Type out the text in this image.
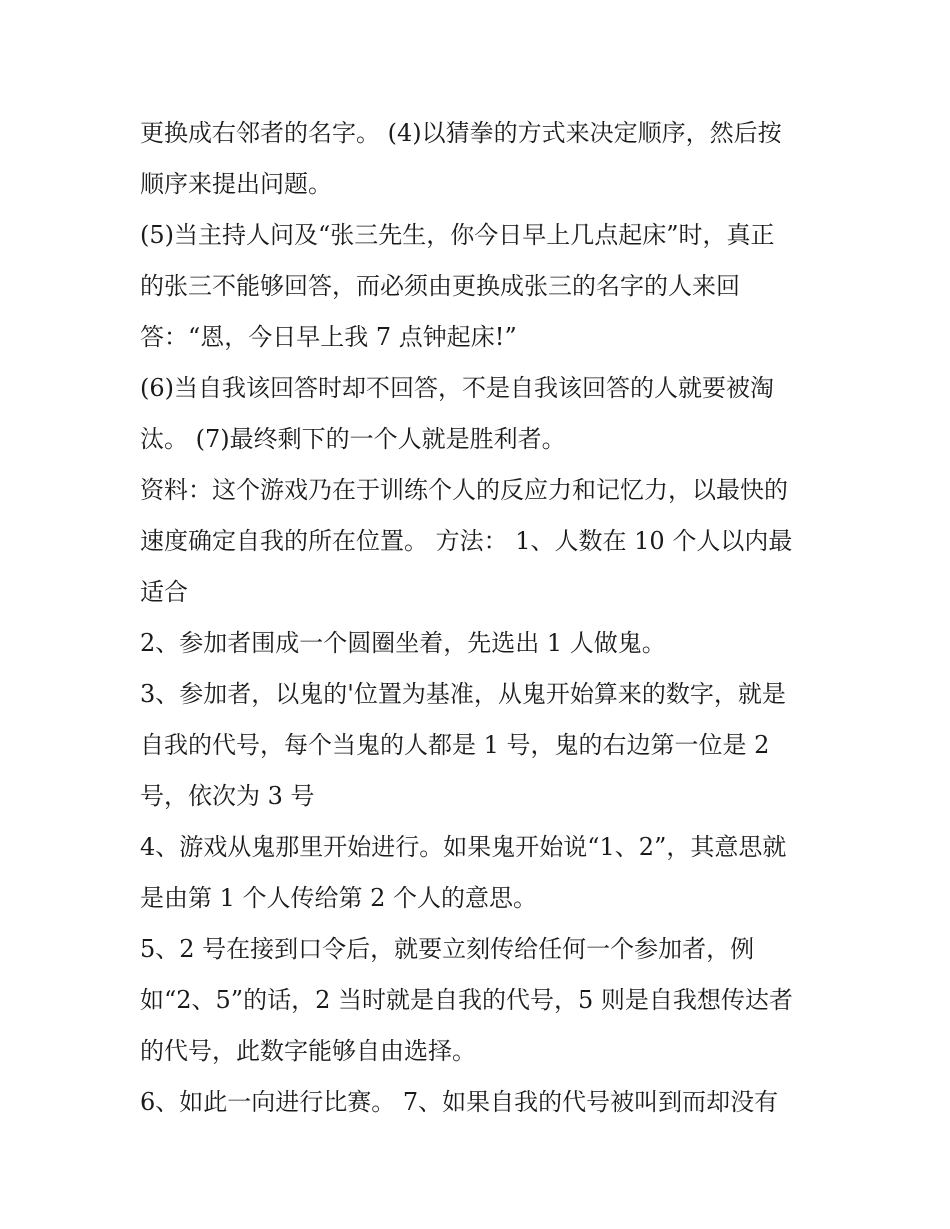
更换成右邻者的名字。 (4)以猜拳的方式来决定顺序，然后按
顺序来提出问题。
(5)当主持人问及“张三先生，你今日早上几点起床”时，真正
的张三不能够回答，而必须由更换成张三的名字的人来回
答：“恩，今日早上我 7 点钟起床!”
(6)当自我该回答时却不回答，不是自我该回答的人就要被淘
汰。 (7)最终剩下的一个人就是胜利者。
资料：这个游戏乃在于训练个人的反应力和记忆力，以最快的
速度确定自我的所在位置。 方法： 1、人数在 10 个人以内最
适合
2、参加者围成一个圆圈坐着，先选出 1 人做鬼。
3、参加者，以鬼的'位置为基准，从鬼开始算来的数字，就是
自我的代号，每个当鬼的人都是 1 号，鬼的右边第一位是 2
号，依次为 3 号
4、游戏从鬼那里开始进行。如果鬼开始说“1、2”，其意思就
是由第 1 个人传给第 2 个人的意思。
5、2 号在接到口令后，就要立刻传给任何一个参加者，例
如“2、5”的话，2 当时就是自我的代号，5 则是自我想传达者
的代号，此数字能够自由选择。
6、如此一向进行比赛。 7、如果自我的代号被叫到而却没有
